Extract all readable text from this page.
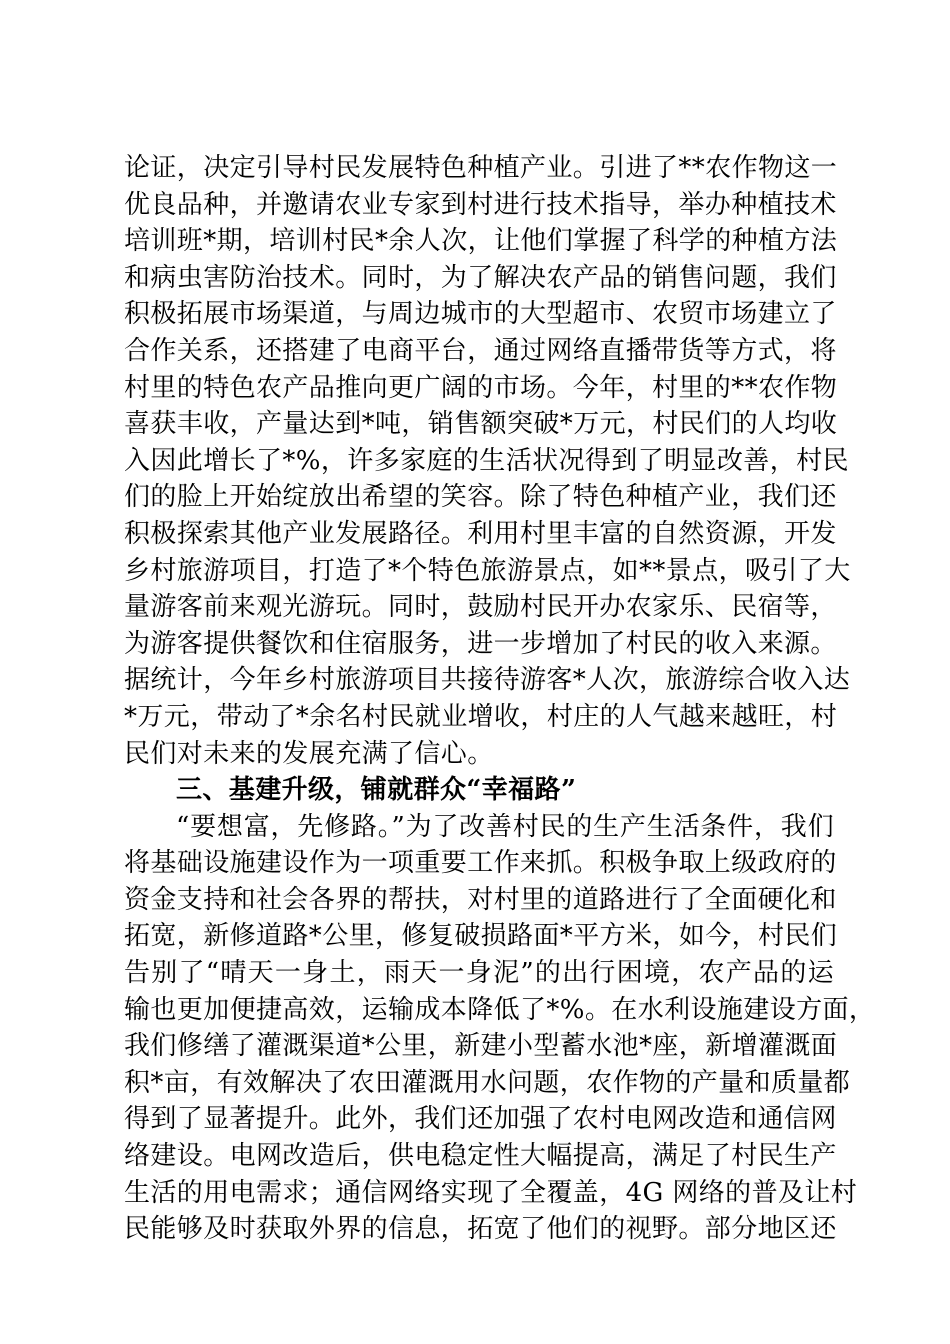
论证，决定引导村民发展特色种植产业。引进了**农作物这一
优良品种，并邀请农业专家到村进行技术指导，举办种植技术
培训班*期，培训村民*余人次，让他们掌握了科学的种植方法
和病虫害防治技术。同时，为了解决农产品的销售问题，我们
积极拓展市场渠道，与周边城市的大型超市、农贸市场建立了
合作关系，还搭建了电商平台，通过网络直播带货等方式，将
村里的特色农产品推向更广阔的市场。今年，村里的**农作物
喜获丰收，产量达到*吨，销售额突破*万元，村民们的人均收
入因此增长了*%，许多家庭的生活状况得到了明显改善，村民
们的脸上开始绽放出希望的笑容。除了特色种植产业，我们还
积极探索其他产业发展路径。利用村里丰富的自然资源，开发
乡村旅游项目，打造了*个特色旅游景点，如**景点，吸引了大
量游客前来观光游玩。同时，鼓励村民开办农家乐、民宿等，
为游客提供餐饮和住宿服务，进一步增加了村民的收入来源。
据统计，今年乡村旅游项目共接待游客*人次，旅游综合收入达
*万元，带动了*余名村民就业增收，村庄的人气越来越旺，村
民们对未来的发展充满了信心。
三、基建升级，铺就群众“幸福路”
“要想富，先修路。”为了改善村民的生产生活条件，我们
将基础设施建设作为一项重要工作来抓。积极争取上级政府的
资金支持和社会各界的帮扶，对村里的道路进行了全面硬化和
拓宽，新修道路*公里，修复破损路面*平方米，如今，村民们
告别了“晴天一身土，雨天一身泥”的出行困境，农产品的运
输也更加便捷高效，运输成本降低了*%。在水利设施建设方面，
我们修缮了灌溉渠道*公里，新建小型蓄水池*座，新增灌溉面
积*亩，有效解决了农田灌溉用水问题，农作物的产量和质量都
得到了显著提升。此外，我们还加强了农村电网改造和通信网
络建设。电网改造后，供电稳定性大幅提高，满足了村民生产
生活的用电需求；通信网络实现了全覆盖，4G 网络的普及让村
民能够及时获取外界的信息，拓宽了他们的视野。部分地区还
